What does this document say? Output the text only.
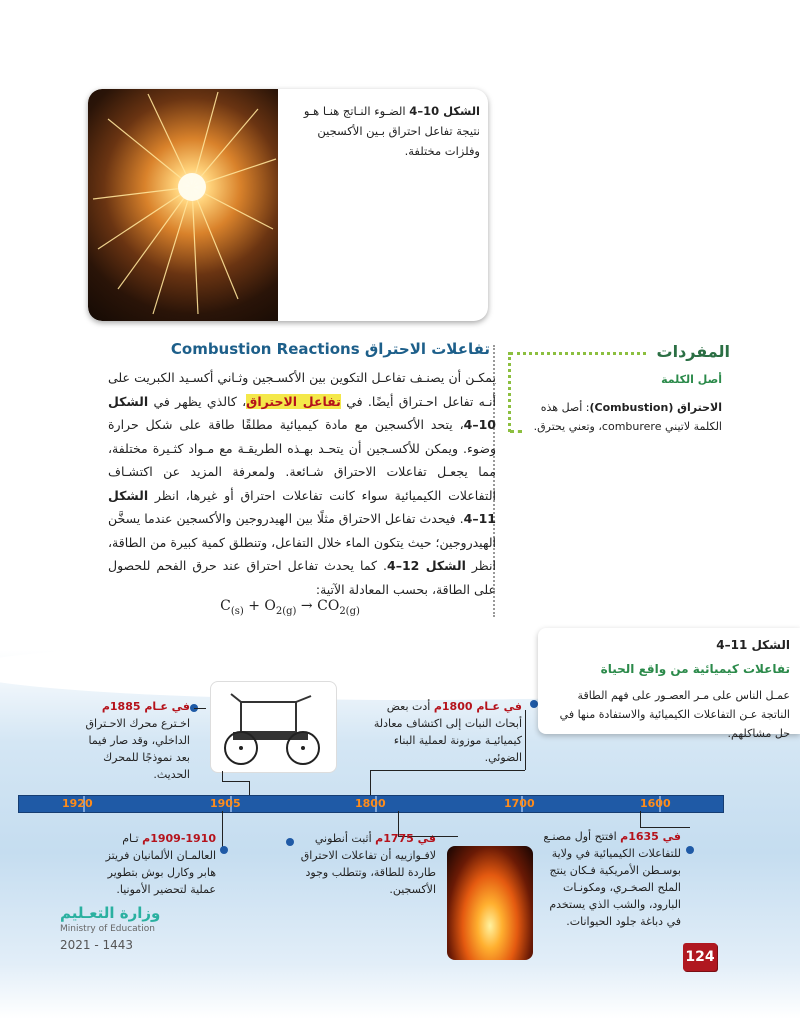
الشكل 10–4 الضـوء النـاتج هنـا هـو نتيجة تفاعل احتراق بـين الأكسجين وفلزات مختلفة.
المفردات
أصل الكلمة
الاحتراق (Combustion): أصل هذه الكلمة لاتيني comburere، وتعني يحترق.
تفاعلات الاحتراق Combustion Reactions
يمكـن أن يصنـف تفاعـل التكوين بين الأكسـجين وثـاني أكسـيد الكبريت على أنـه تفاعل احـتراق أيضًا. في تفاعل الاحتراق، كالذي يظهر في الشكل 10–4، يتحد الأكسجين مع مادة كيميائية مطلقًا طاقة على شكل حرارة وضوء. ويمكن للأكسـجين أن يتحـد بهـذه الطريقـة مع مـواد كثـيرة مختلفة، مما يجعـل تفاعلات الاحتراق شـائعة. ولمعرفة المزيد عن اكتشـاف التفاعلات الكيميائية سواء كانت تفاعلات احتراق أو غيرها، انظر الشكل 11–4. فيحدث تفاعل الاحتراق مثلًا بين الهيدروجين والأكسجين عندما يسخَّن الهيدروجين؛ حيث يتكون الماء خلال التفاعل، وتنطلق كمية كبيرة من الطاقة، انظر الشكل 12–4. كما يحدث تفاعل احتراق عند حرق الفحم للحصول على الطاقة، بحسب المعادلة الآتية:
$C_{(s)} + O_{2(g)} \to CO_{2(g)}$
الشكل 11–4
تفاعلات كيميائية من واقع الحياة
عمـل الناس على مـر العصـور على فهم الطاقة الناتجة عـن التفاعلات الكيميائية والاستفادة منها في حل مشاكلهم.
1920	1905	1800	1700	1600
في عـام 1885م اخـترع محرك الاحـتراق الداخلي، وقد صار فيما بعد نموذجًا للمحرك الحديث.
في عـام 1800م أدت بعض أبحاث النبات إلى اكتشاف معادلة كيميائيـة موزونة لعملية البناء الضوئي.
1909-1910م تـام العالمـان الألمانيان فريتز هابر وكارل بوش بتطوير عملية لتحضير الأمونيا.
في 1775م أثبت أنطوني لافـوازييه أن تفاعلات الاحتراق طاردة للطاقة، وتتطلب وجود الأكسجين.
في 1635م افتتح أول مصنـع للتفاعلات الكيميائية في ولاية بوسـطن الأمريكية فـكان ينتج الملح الصخـري، ومكونـات البارود، والشب الذي يستخدم في دباغة جلود الحيوانات.
وزارة التعـليم
Ministry of Education
2021 - 1443
124
